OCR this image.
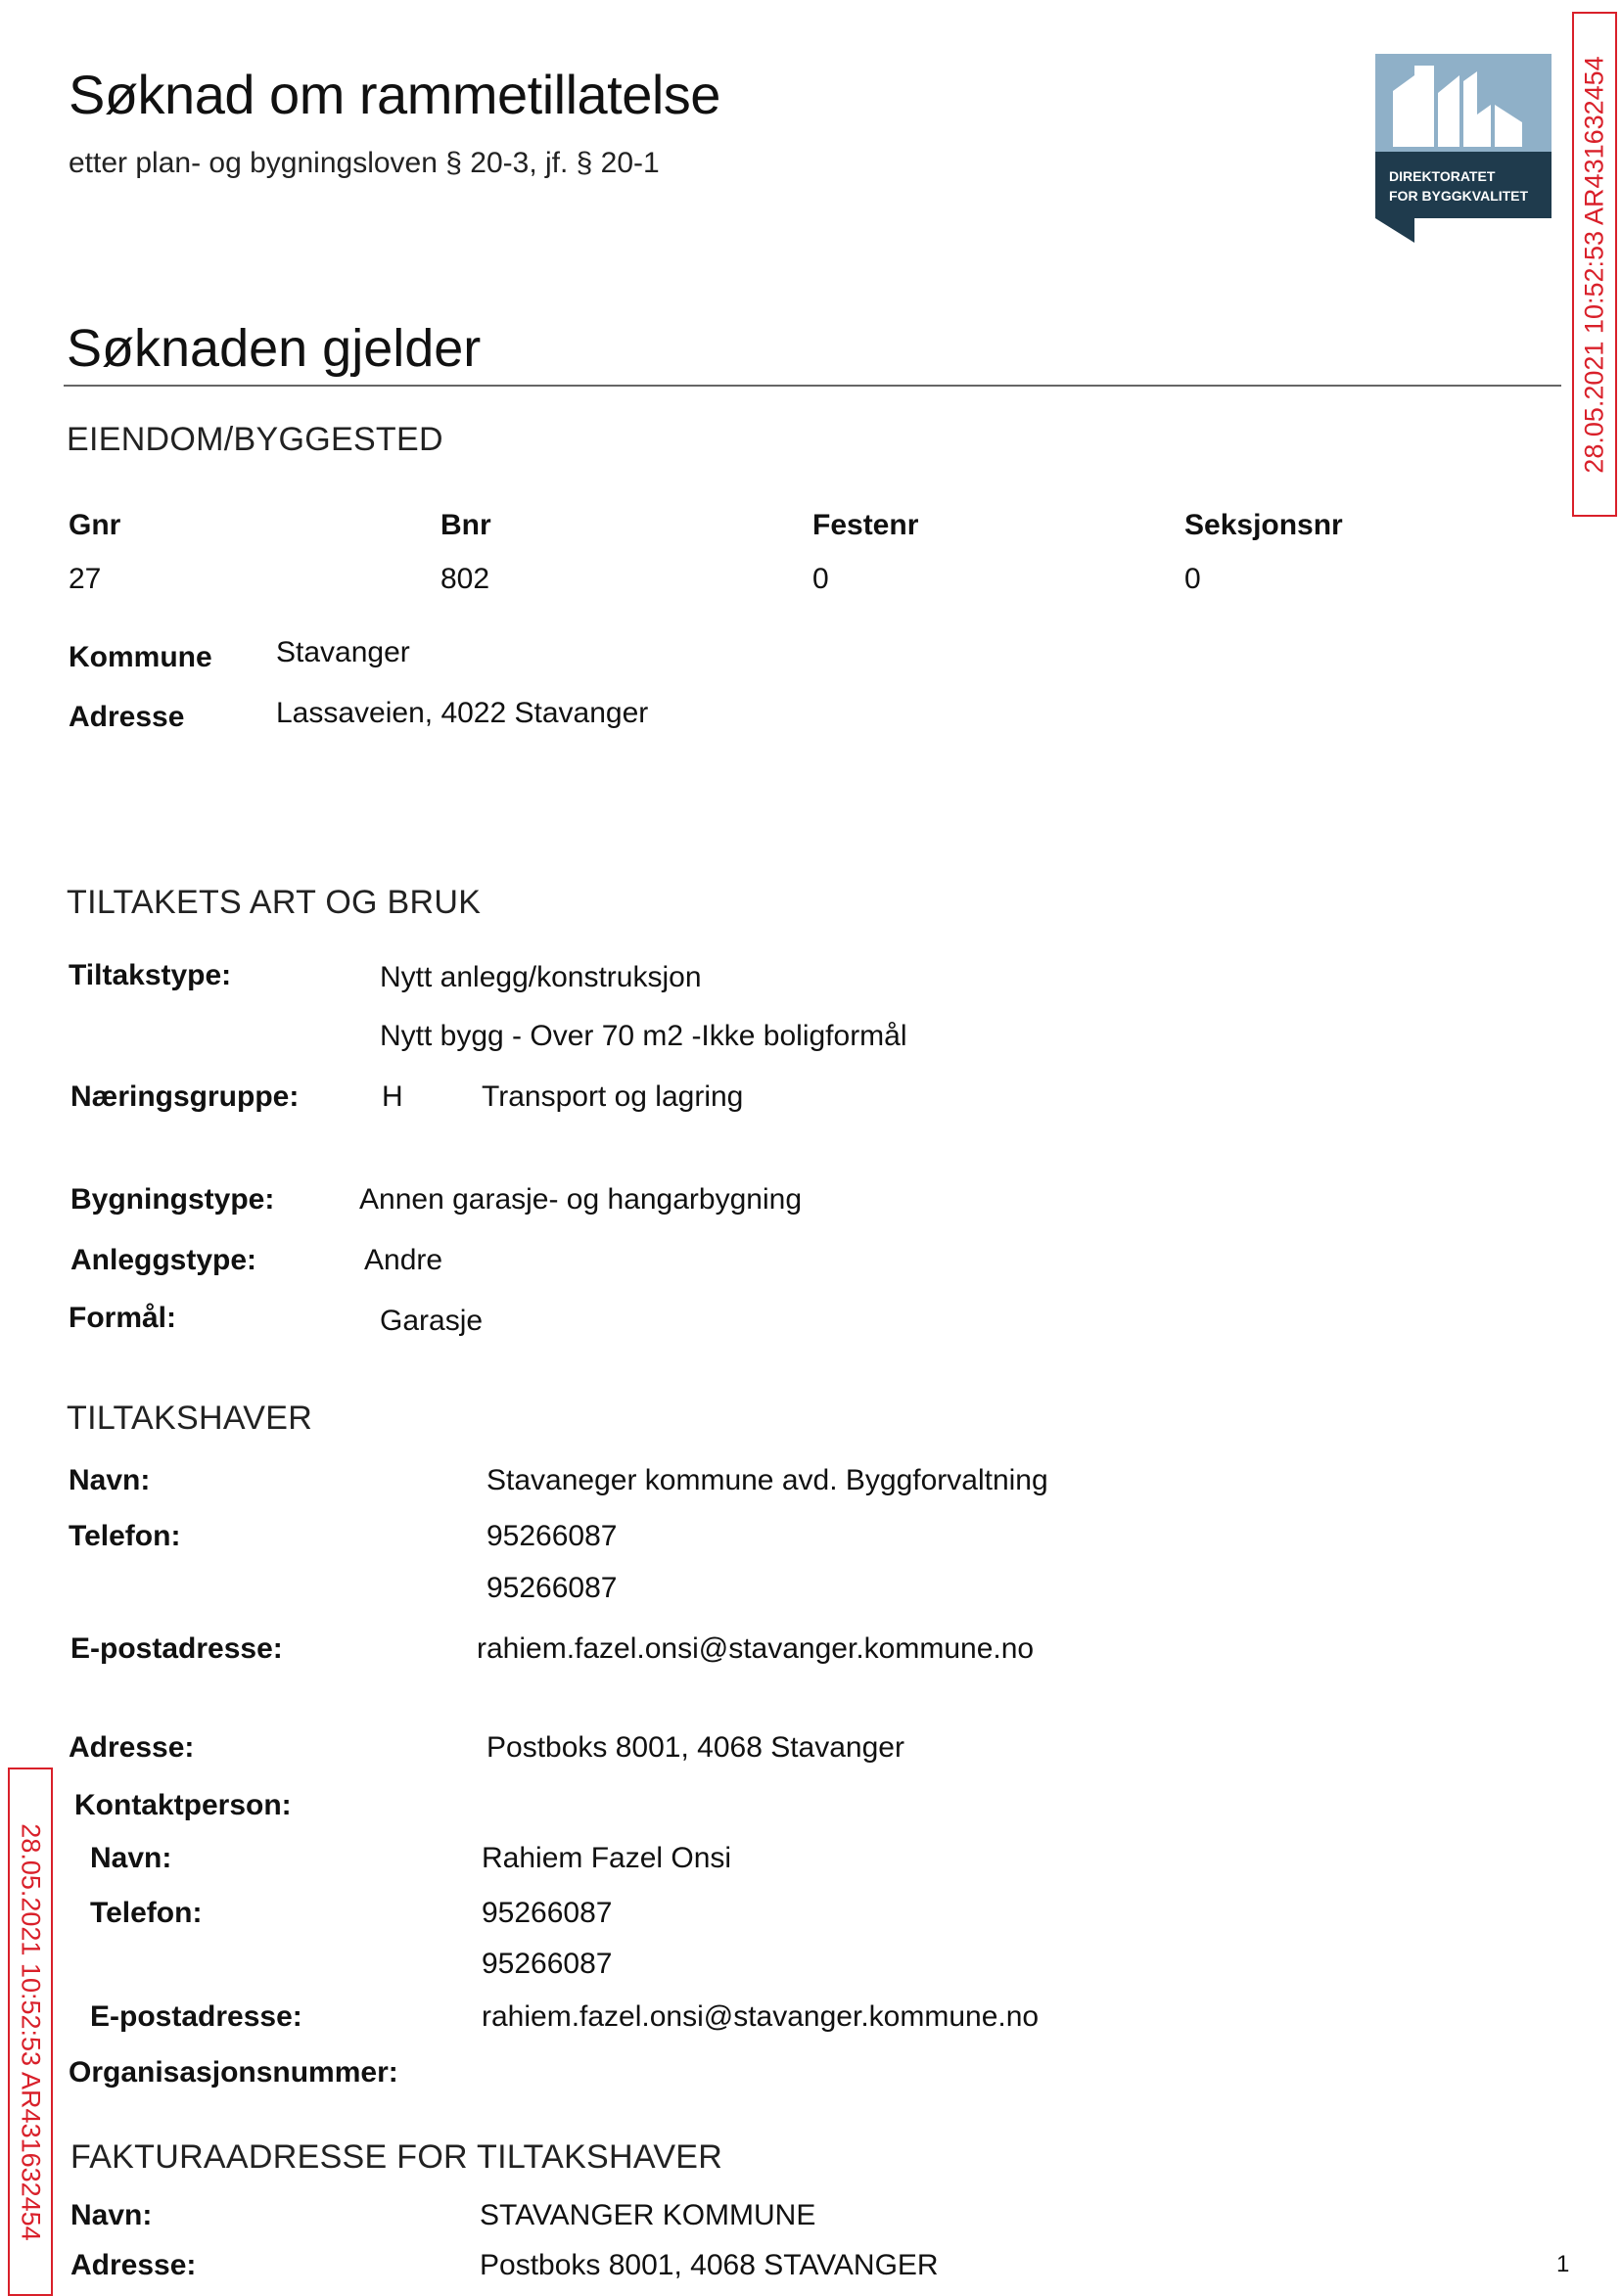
Søknad om rammetillatelse
etter plan- og bygningsloven § 20-3, jf. § 20-1	DIREKTORATET
FOR BYGGKVALITET 28.05.2021 10:52:53 AR431632454
28.05.2021 10:52:53 AR431632454
Søknaden gjelder
EIENDOM/BYGGESTED
Gnr	Bnr	Festenr	Seksjonsnr
27	802	0	0
Kommune Stavanger
Adresse	Lassaveien, 4022 Stavanger
TILTAKETS ART OG BRUK
Tiltakstype:	Nytt anlegg/konstruksjon
Nytt bygg - Over 70 m2 -Ikke boligformål
Næringsgruppe:	H	Transport og lagring
Bygningstype:	Annen garasje- og hangarbygning
Anleggstype:	Andre
Formål:	Garasje
TILTAKSHAVER
Navn:	Stavaneger kommune avd. Byggforvaltning
Telefon:	95266087
95266087
E-postadresse:	rahiem.fazel.onsi@stavanger.kommune.no
Adresse:	Postboks 8001, 4068 Stavanger
Kontaktperson:
Navn:	Rahiem Fazel Onsi
Telefon:	95266087
95266087
E-postadresse:	rahiem.fazel.onsi@stavanger.kommune.no
Organisasjonsnummer:
FAKTURAADRESSE FOR TILTAKSHAVER
Navn:	STAVANGER KOMMUNE
Adresse:	Postboks 8001, 4068 STAVANGER	1
